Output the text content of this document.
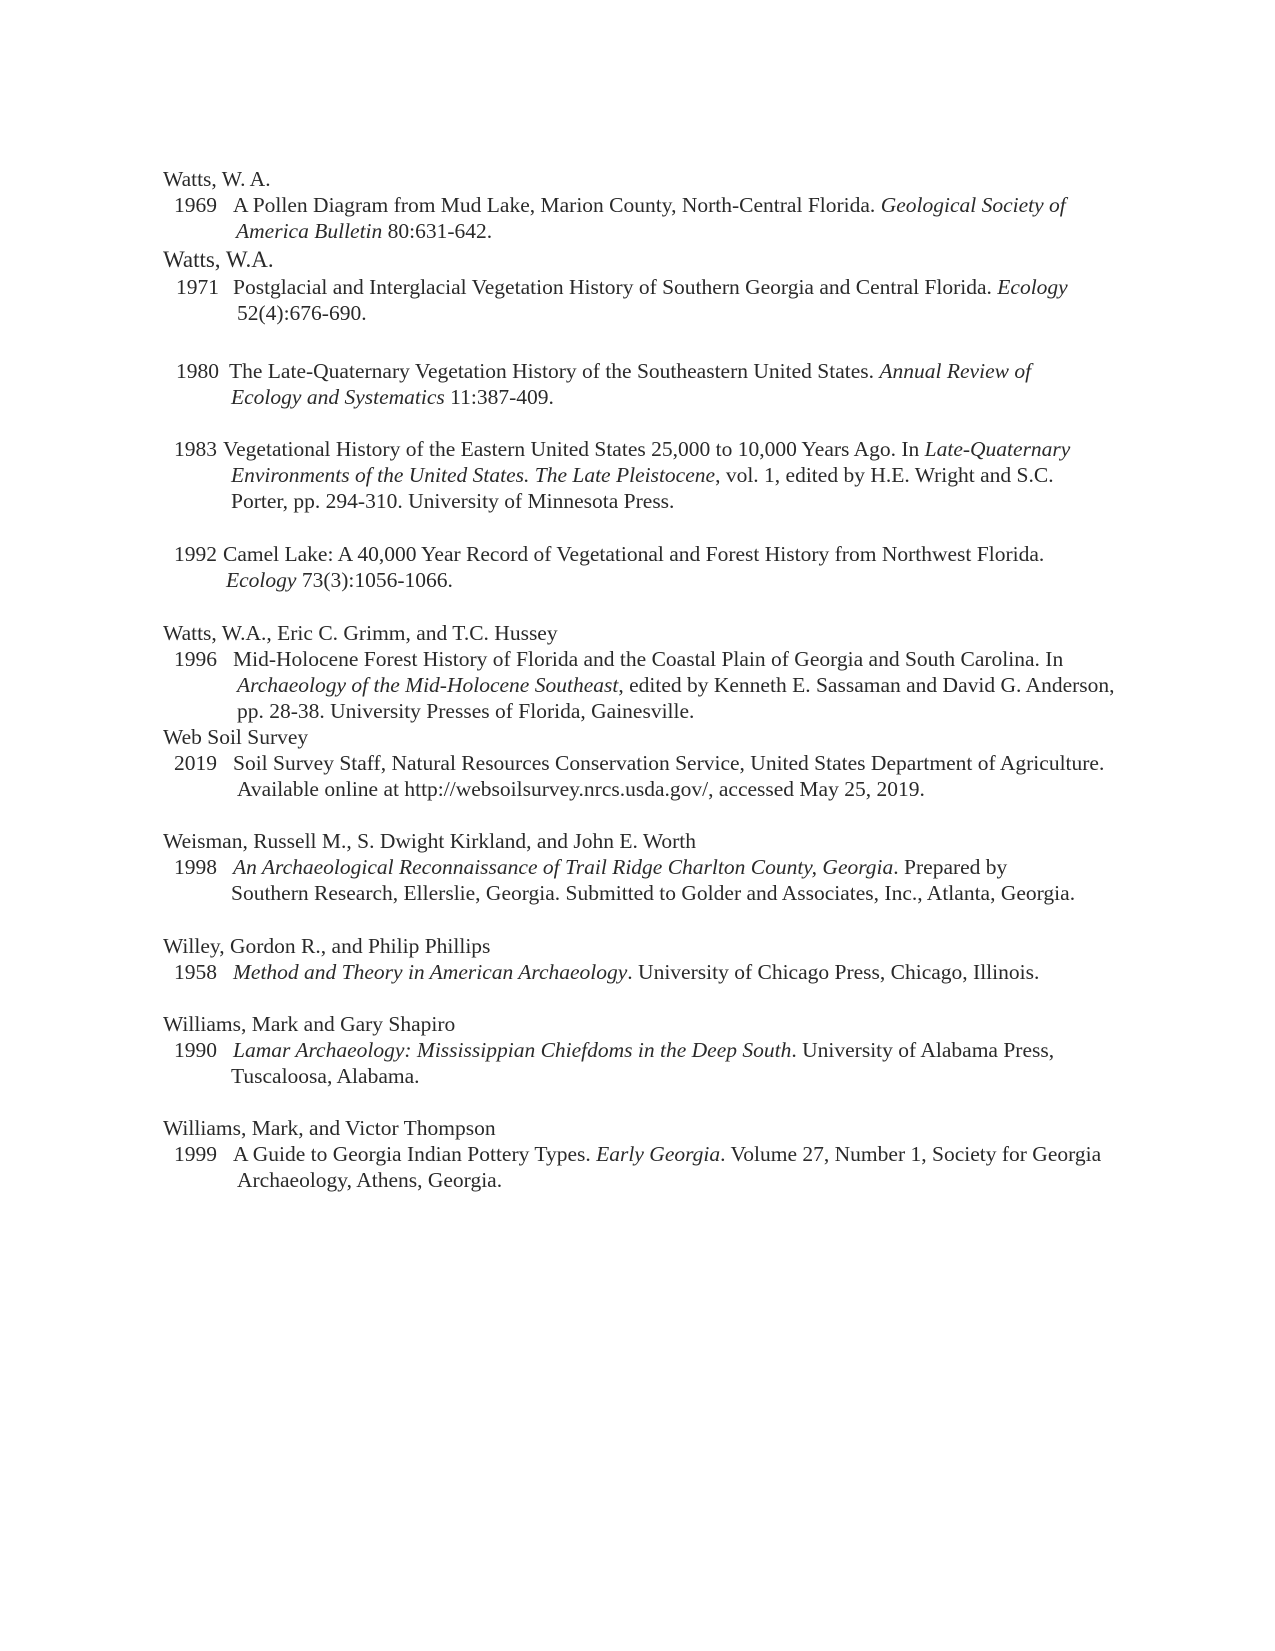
Watts, W. A.
1969 A Pollen Diagram from Mud Lake, Marion County, North-Central Florida. Geological Society of
America Bulletin 80:631-642.
Watts, W.A.
1971 Postglacial and Interglacial Vegetation History of Southern Georgia and Central Florida. Ecology
52(4):676-690.
1980 The Late-Quaternary Vegetation History of the Southeastern United States. Annual Review of
Ecology and Systematics 11:387-409.
1983 Vegetational History of the Eastern United States 25,000 to 10,000 Years Ago. In Late-Quaternary
Environments of the United States. The Late Pleistocene, vol. 1, edited by H.E. Wright and S.C.
Porter, pp. 294-310. University of Minnesota Press.
1992 Camel Lake: A 40,000 Year Record of Vegetational and Forest History from Northwest Florida.
Ecology 73(3):1056-1066.
Watts, W.A., Eric C. Grimm, and T.C. Hussey
1996 Mid-Holocene Forest History of Florida and the Coastal Plain of Georgia and South Carolina. In
Archaeology of the Mid-Holocene Southeast, edited by Kenneth E. Sassaman and David G. Anderson,
pp. 28-38. University Presses of Florida, Gainesville.
Web Soil Survey
2019 Soil Survey Staff, Natural Resources Conservation Service, United States Department of Agriculture.
Available online at http://websoilsurvey.nrcs.usda.gov/, accessed May 25, 2019.
Weisman, Russell M., S. Dwight Kirkland, and John E. Worth
1998 An Archaeological Reconnaissance of Trail Ridge Charlton County, Georgia. Prepared by
Southern Research, Ellerslie, Georgia. Submitted to Golder and Associates, Inc., Atlanta, Georgia.
Willey, Gordon R., and Philip Phillips
1958 Method and Theory in American Archaeology. University of Chicago Press, Chicago, Illinois.
Williams, Mark and Gary Shapiro
1990 Lamar Archaeology: Mississippian Chiefdoms in the Deep South. University of Alabama Press,
Tuscaloosa, Alabama.
Williams, Mark, and Victor Thompson
1999 A Guide to Georgia Indian Pottery Types. Early Georgia. Volume 27, Number 1, Society for Georgia
Archaeology, Athens, Georgia.
